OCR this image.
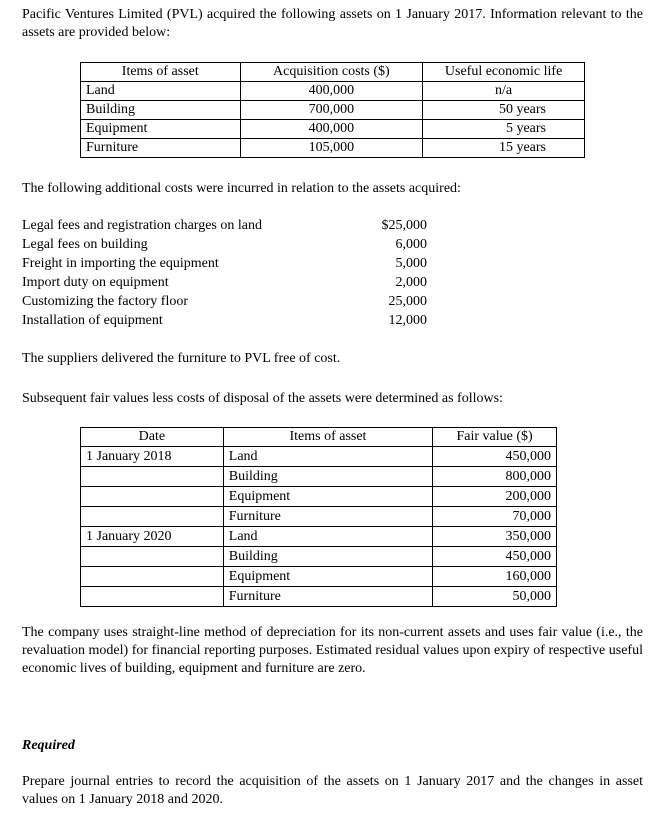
Pacific Ventures Limited (PVL) acquired the following assets on 1 January 2017. Information relevant to the assets are provided below:
Items of asset	Acquisition costs ($)	Useful economic life
Land	400,000	n/a
Building	700,000	50 years
Equipment	400,000	5 years
Furniture	105,000	15 years
The following additional costs were incurred in relation to the assets acquired:
Legal fees and registration charges on land	$25,000
Legal fees on building	6,000
Freight in importing the equipment	5,000
Import duty on equipment	2,000
Customizing the factory floor	25,000
Installation of equipment	12,000
The suppliers delivered the furniture to PVL free of cost.
Subsequent fair values less costs of disposal of the assets were determined as follows:
Date	Items of asset	Fair value ($)
1 January 2018	Land	450,000
	Building	800,000
	Equipment	200,000
	Furniture	70,000
1 January 2020	Land	350,000
	Building	450,000
	Equipment	160,000
	Furniture	50,000
The company uses straight-line method of depreciation for its non-current assets and uses fair value (i.e., the revaluation model) for financial reporting purposes. Estimated residual values upon expiry of respective useful economic lives of building, equipment and furniture are zero.
Required
Prepare journal entries to record the acquisition of the assets on 1 January 2017 and the changes in asset values on 1 January 2018 and 2020.
